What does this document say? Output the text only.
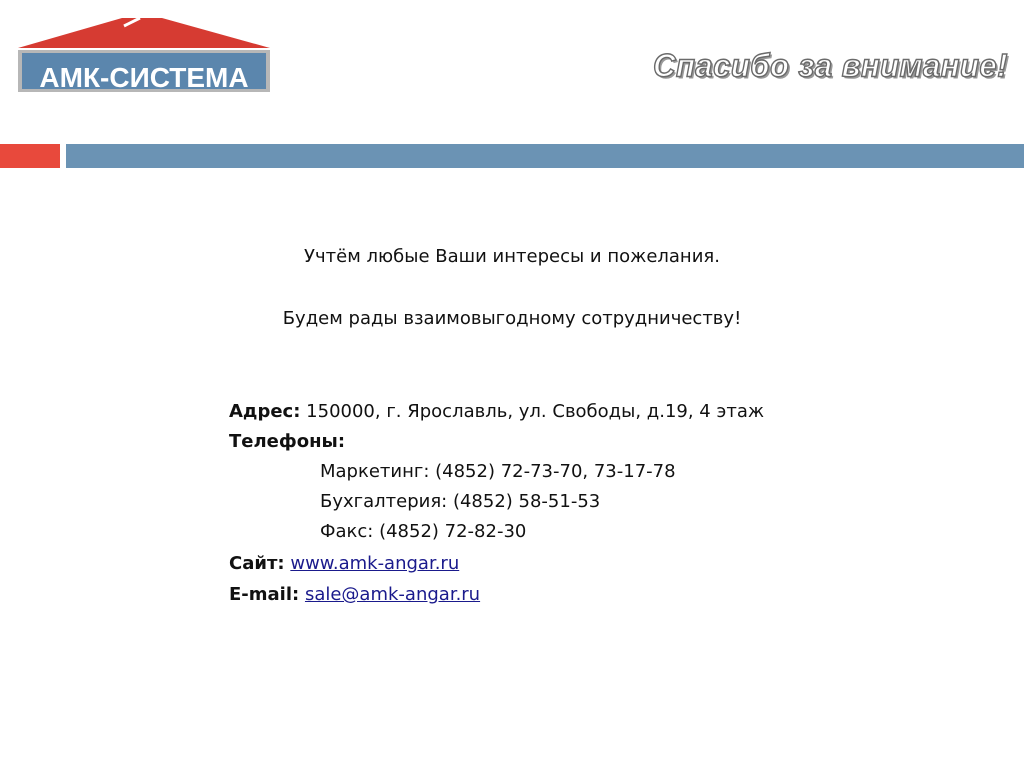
АМК-СИСТЕМА	Спасибо за внимание!
Учтём любые Ваши интересы и пожелания.
Будем рады взаимовыгодному сотрудничеству!
Адрес: 150000, г. Ярославль, ул. Свободы, д.19, 4 этаж
Телефоны:
Маркетинг: (4852) 72-73-70, 73-17-78
Бухгалтерия: (4852) 58-51-53
Факс: (4852) 72-82-30
Сайт: www.amk-angar.ru
E-mail: sale@amk-angar.ru
